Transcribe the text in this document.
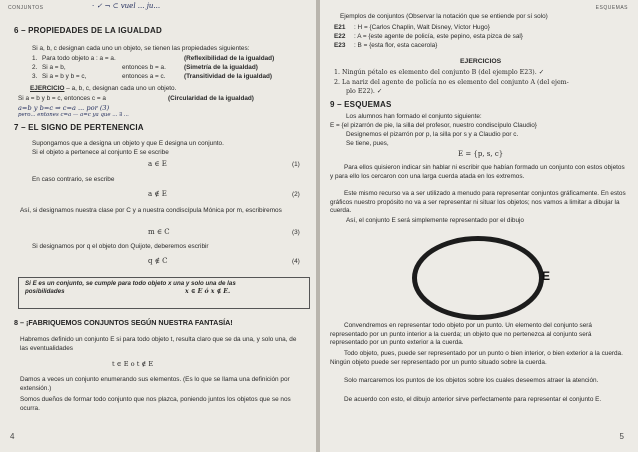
CONJUNTOS	· ✓ ¬ ⊂ vuel ... ju...
6 – PROPIEDADES DE LA IGUALDAD
Si a, b, c designan cada uno un objeto, se tienen las propiedades siguientes:
1. Para todo objeto a : a = a.	(Reflexibilidad de la igualdad)
2. Si a = b,	entonces b = a.	(Simetría de la igualdad)
3. Si a = b y b = c,	entonces a = c.	(Transitividad de la igualdad)
EJERCICIO – a, b, c, designan cada uno un objeto.
Si a = b y b = c, entonces c = a	(Circularidad de la igualdad)
a=b y b=c ⇒ c=a ... por (3)
pero... entones c=a — a=c ya que ... ∃ ...
7 – EL SIGNO DE PERTENENCIA
Supongamos que a designa un objeto y que E designa un conjunto.
Si el objeto a pertenece al conjunto E se escribe
a ∈ E	(1)
En caso contrario, se escribe
a ∉ E	(2)
Así, si designamos nuestra clase por C y a nuestra condiscípula Mónica por m, escribiremos
m ∈ C	(3)
Si designamos por q el objeto don Quijote, deberemos escribir
q ∉ C	(4)
Si E es un conjunto, se cumple para todo objeto x una y solo una de las
posibilidades	x ∈ E ó x ∉ E.
8 – ¡FABRIQUEMOS CONJUNTOS SEGÚN NUESTRA FANTASÍA!
Habremos definido un conjunto E si para todo objeto t, resulta claro que se da una, y solo una, de las eventualidades
t ∈ E o t ∉ E
Damos a veces un conjunto enumerando sus elementos. (Es lo que se llama una definición por extensión.)
Somos dueños de formar todo conjunto que nos plazca, poniendo juntos los objetos que se nos ocurra.
4
ESQUEMAS
Ejemplos de conjuntos (Observar la notación que se entiende por sí solo)
E21 : H = {Carlos Chaplin, Walt Disney, Víctor Hugo}
E22 : A = {este agente de policía, este pepino, esta pizca de sal}
E23 : B = {esta flor, esta cacerola}
EJERCICIOS
1. Ningún pétalo es elemento del conjunto B (del ejemplo E23). ✓
2. La nariz del agente de policía no es elemento del conjunto A (del ejem-
plo E22). ✓
9 – ESQUEMAS
Los alumnos han formado el conjunto siguiente:
E = {el pizarrón de pie, la silla del profesor, nuestro condiscípulo Claudio}
Designemos el pizarrón por p, la silla por s y a Claudio por c.
Se tiene, pues,
E = {p, s, c}
Para ellos quisieron indicar sin hablar ni escribir que habían formado un conjunto con estos objetos y para ello los cercaron con una larga cuerda atada en los extremos.
Este mismo recurso va a ser utilizado a menudo para representar conjuntos gráficamente. En estos gráficos nuestro propósito no va a ser representar ni situar los objetos; nos vamos a limitar a dibujar la cuerda.
Así, el conjunto E será simplemente representado por el dibujo
E
Convendremos en representar todo objeto por un punto. Un elemento del conjunto será representado por un punto interior a la cuerda; un objeto que no pertenezca al conjunto será representado por un punto exterior a la cuerda.
Todo objeto, pues, puede ser representado por un punto o bien interior, o bien exterior a la cuerda. Ningún objeto puede ser representado por un punto situado sobre la cuerda.
Solo marcaremos los puntos de los objetos sobre los cuales deseemos atraer la atención.
De acuerdo con esto, el dibujo anterior sirve perfectamente para representar el conjunto E.
5
